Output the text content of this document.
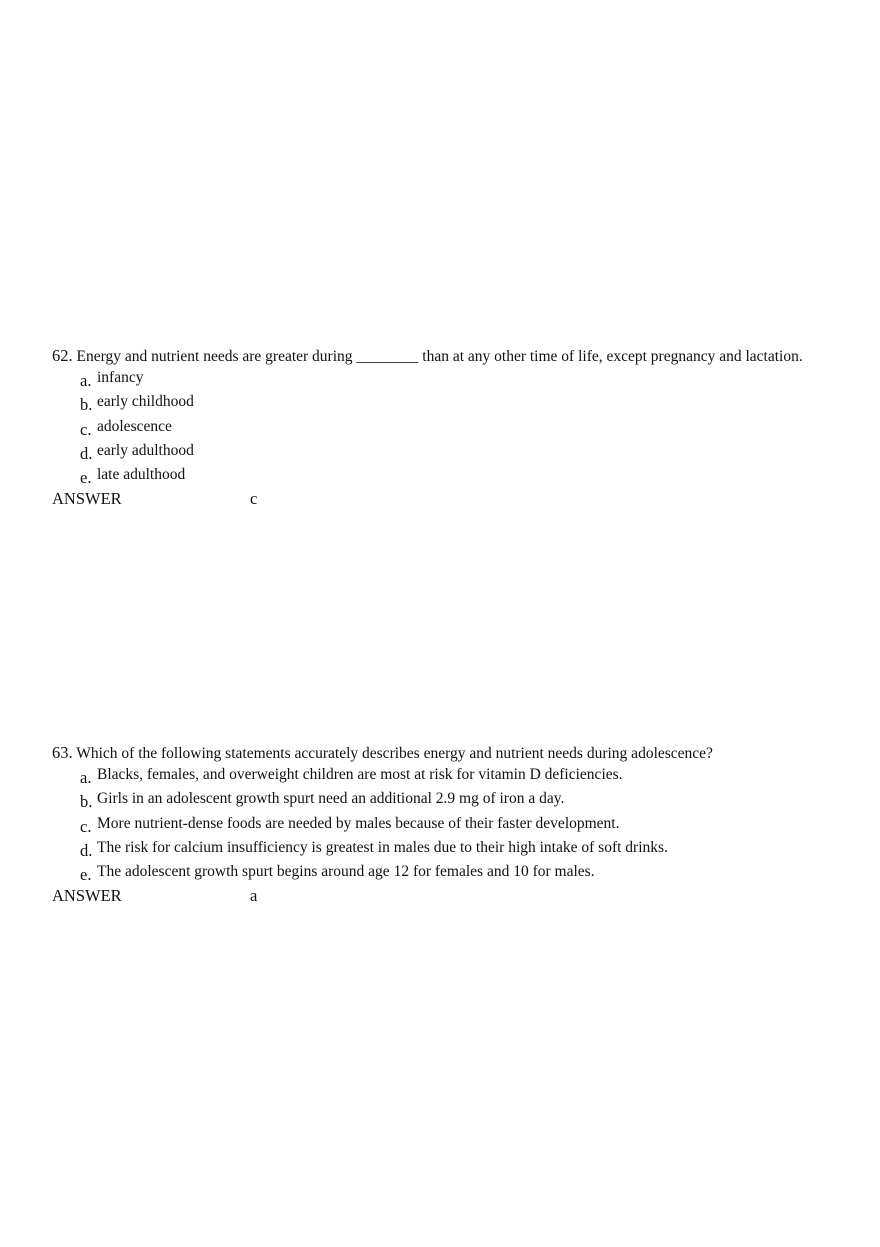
62. Energy and nutrient needs are greater during ________ than at any other time of life, except pregnancy and lactation.
a. infancy
b. early childhood
c. adolescence
d. early adulthood
e. late adulthood
ANSWER	c
63. Which of the following statements accurately describes energy and nutrient needs during adolescence?
a. Blacks, females, and overweight children are most at risk for vitamin D deficiencies.
b. Girls in an adolescent growth spurt need an additional 2.9 mg of iron a day.
c. More nutrient-dense foods are needed by males because of their faster development.
d. The risk for calcium insufficiency is greatest in males due to their high intake of soft drinks.
e. The adolescent growth spurt begins around age 12 for females and 10 for males.
ANSWER	a
